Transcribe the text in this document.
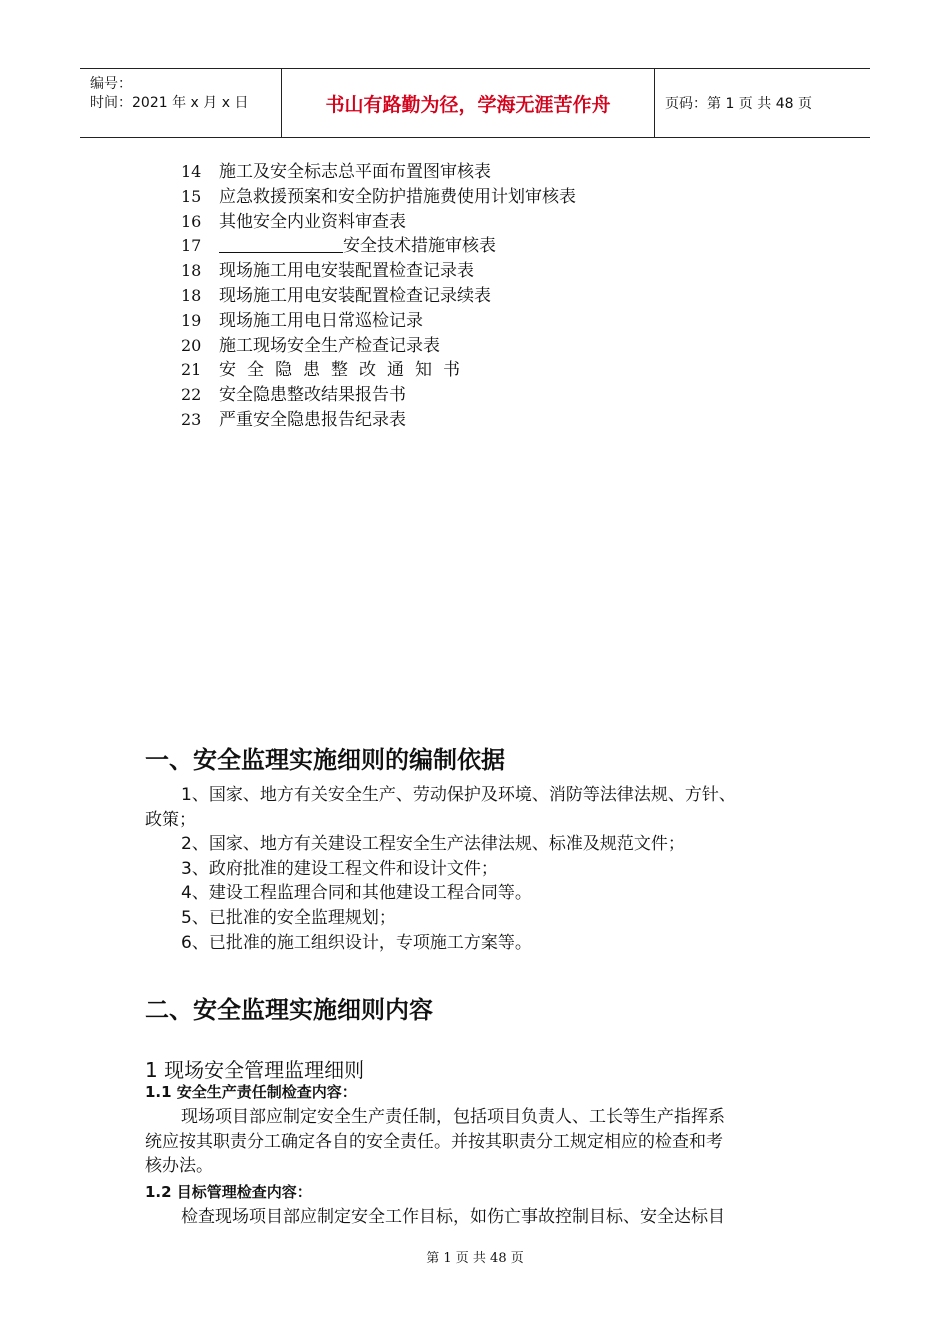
编号：
时间：2021 年 x 月 x 日	书山有路勤为径，学海无涯苦作舟	页码：第 1 页 共 48 页
14 施工及安全标志总平面布置图审核表
15 应急救援预案和安全防护措施费使用计划审核表
16 其他安全内业资料审查表
17	安全技术措施审核表
18 现场施工用电安装配置检查记录表
18 现场施工用电安装配置检查记录续表
19 现场施工用电日常巡检记录
20 施工现场安全生产检查记录表
21 安全隐患整改通知书
22 安全隐患整改结果报告书
23 严重安全隐患报告纪录表
一、安全监理实施细则的编制依据
1、国家、地方有关安全生产、劳动保护及环境、消防等法律法规、方针、
政策；
2、国家、地方有关建设工程安全生产法律法规、标准及规范文件；
3、政府批准的建设工程文件和设计文件；
4、建设工程监理合同和其他建设工程合同等。
5、已批准的安全监理规划；
6、已批准的施工组织设计，专项施工方案等。
二、安全监理实施细则内容
1 现场安全管理监理细则
1.1 安全生产责任制检查内容：
现场项目部应制定安全生产责任制，包括项目负责人、工长等生产指挥系
统应按其职责分工确定各自的安全责任。并按其职责分工规定相应的检查和考
核办法。
1.2 目标管理检查内容：
检查现场项目部应制定安全工作目标，如伤亡事故控制目标、安全达标目
第 1 页 共 48 页
